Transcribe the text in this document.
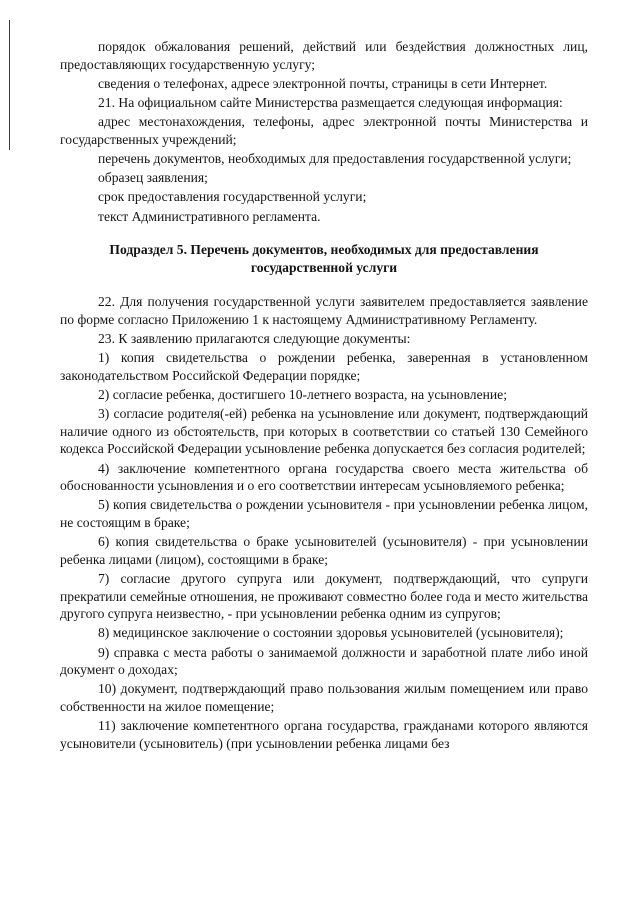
порядок обжалования решений, действий или бездействия должностных лиц, предоставляющих государственную услугу;

сведения о телефонах, адресе электронной почты, страницы в сети Интернет.

21. На официальном сайте Министерства размещается следующая информация:

адрес местонахождения, телефоны, адрес электронной почты Министерства и государственных учреждений;

перечень документов, необходимых для предоставления государственной услуги;

образец заявления;

срок предоставления государственной услуги;

текст Административного регламента.

Подраздел 5. Перечень документов, необходимых для предоставления государственной услуги

22. Для получения государственной услуги заявителем предоставляется заявление по форме согласно Приложению 1 к настоящему Административному Регламенту.

23. К заявлению прилагаются следующие документы:

1) копия свидетельства о рождении ребенка, заверенная в установленном законодательством Российской Федерации порядке;

2) согласие ребенка, достигшего 10-летнего возраста, на усыновление;

3) согласие родителя(-ей) ребенка на усыновление или документ, подтверждающий наличие одного из обстоятельств, при которых в соответствии со статьей 130 Семейного кодекса Российской Федерации усыновление ребенка допускается без согласия родителей;

4) заключение компетентного органа государства своего места жительства об обоснованности усыновления и о его соответствии интересам усыновляемого ребенка;

5) копия свидетельства о рождении усыновителя - при усыновлении ребенка лицом, не состоящим в браке;

6) копия свидетельства о браке усыновителей (усыновителя) - при усыновлении ребенка лицами (лицом), состоящими в браке;

7) согласие другого супруга или документ, подтверждающий, что супруги прекратили семейные отношения, не проживают совместно более года и место жительства другого супруга неизвестно, - при усыновлении ребенка одним из супругов;

8) медицинское заключение о состоянии здоровья усыновителей (усыновителя);

9) справка с места работы о занимаемой должности и заработной плате либо иной документ о доходах;

10) документ, подтверждающий право пользования жилым помещением или право собственности на жилое помещение;

11) заключение компетентного органа государства, гражданами которого являются усыновители (усыновитель) (при усыновлении ребенка лицами без
